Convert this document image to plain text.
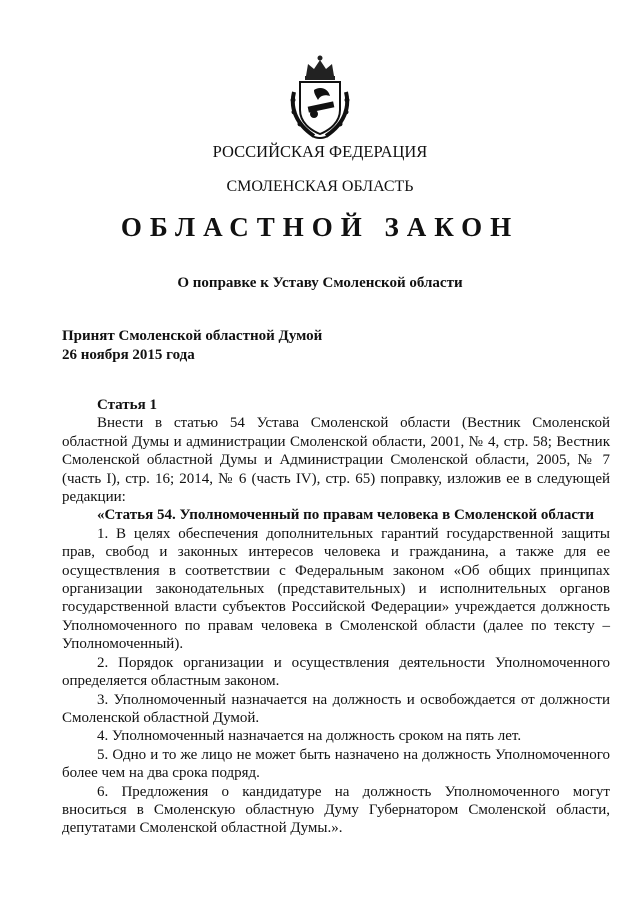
РОССИЙСКАЯ ФЕДЕРАЦИЯ
СМОЛЕНСКАЯ ОБЛАСТЬ
ОБЛАСТНОЙ ЗАКОН
О поправке к Уставу Смоленской области
Принят Смоленской областной Думой
26 ноября 2015 года

Статья 1

Внести в статью 54 Устава Смоленской области (Вестник Смоленской областной Думы и администрации Смоленской области, 2001, № 4, стр. 58; Вестник Смоленской областной Думы и Администрации Смоленской области, 2005, № 7 (часть I), стр. 16; 2014, № 6 (часть IV), стр. 65) поправку, изложив ее в следующей редакции:

«Статья 54. Уполномоченный по правам человека в Смоленской области

1. В целях обеспечения дополнительных гарантий государственной защиты прав, свобод и законных интересов человека и гражданина, а также для ее осуществления в соответствии с Федеральным законом «Об общих принципах организации законодательных (представительных) и исполнительных органов государственной власти субъектов Российской Федерации» учреждается должность Уполномоченного по правам человека в Смоленской области (далее по тексту – Уполномоченный).

2. Порядок организации и осуществления деятельности Уполномоченного определяется областным законом.

3. Уполномоченный назначается на должность и освобождается от должности Смоленской областной Думой.

4. Уполномоченный назначается на должность сроком на пять лет.

5. Одно и то же лицо не может быть назначено на должность Уполномоченного более чем на два срока подряд.

6. Предложения о кандидатуре на должность Уполномоченного могут вноситься в Смоленскую областную Думу Губернатором Смоленской области, депутатами Смоленской областной Думы.».
